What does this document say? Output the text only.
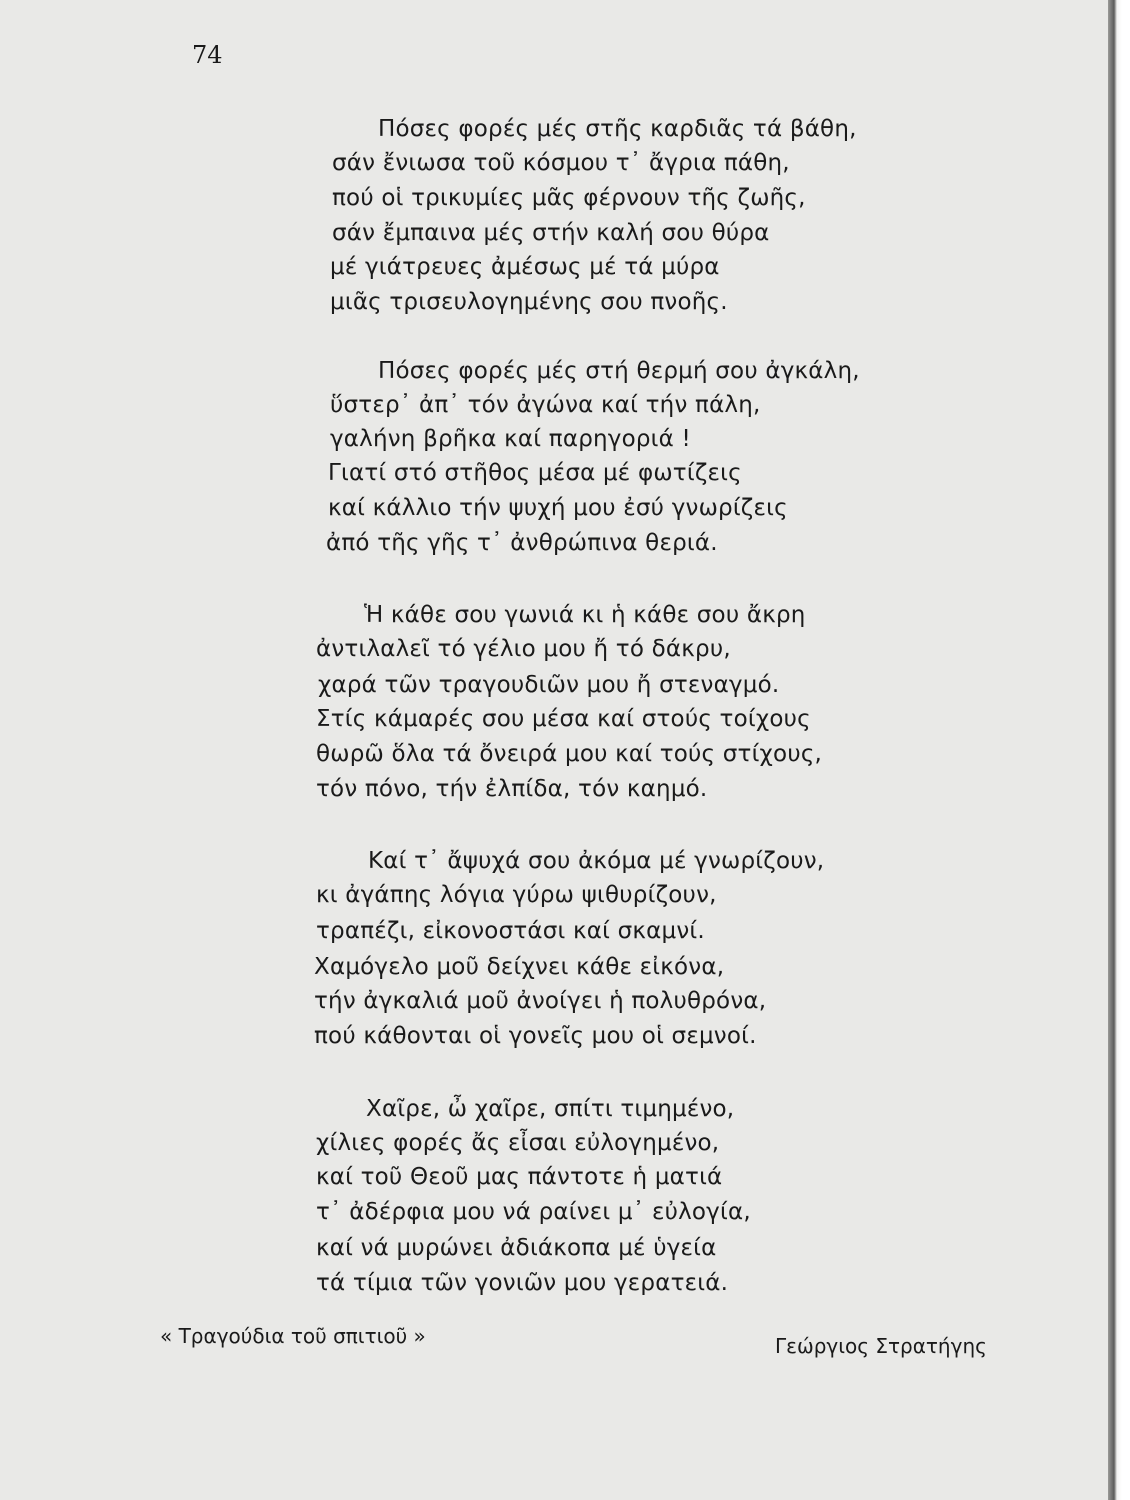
74

Πόσες φορές μές στῆς καρδιᾶς τά βάθη,
σάν ἔνιωσα τοῦ κόσμου τ᾽ ἄγρια πάθη,
πού οἱ τρικυμίες μᾶς φέρνουν τῆς ζωῆς,
σάν ἔμπαινα μές στήν καλή σου θύρα
μέ γιάτρευες ἀμέσως μέ τά μύρα
μιᾶς τρισευλογημένης σου πνοῆς.
Πόσες φορές μές στή θερμή σου ἀγκάλη,
ὕστερ᾽ ἀπ᾽ τόν ἀγώνα καί τήν πάλη,
γαλήνη βρῆκα καί παρηγοριά !
Γιατί στό στῆθος μέσα μέ φωτίζεις
καί κάλλιο τήν ψυχή μου ἐσύ γνωρίζεις
ἀπό τῆς γῆς τ᾽ ἀνθρώπινα θεριά.
Ἡ κάθε σου γωνιά κι ἡ κάθε σου ἄκρη
ἀντιλαλεῖ τό γέλιο μου ἤ τό δάκρυ,
χαρά τῶν τραγουδιῶν μου ἤ στεναγμό.
Στίς κάμαρές σου μέσα καί στούς τοίχους
θωρῶ ὅλα τά ὄνειρά μου καί τούς στίχους,
τόν πόνο, τήν ἐλπίδα, τόν καημό.
Καί τ᾽ ἄψυχά σου ἀκόμα μέ γνωρίζουν,
κι ἀγάπης λόγια γύρω ψιθυρίζουν,
τραπέζι, εἰκονοστάσι καί σκαμνί.
Χαμόγελο μοῦ δείχνει κάθε εἰκόνα,
τήν ἀγκαλιά μοῦ ἀνοίγει ἡ πολυθρόνα,
πού κάθονται οἱ γονεῖς μου οἱ σεμνοί.
Χαῖρε, ὦ χαῖρε, σπίτι τιμημένο,
χίλιες φορές ἄς εἶσαι εὐλογημένο,
καί τοῦ Θεοῦ μας πάντοτε ἡ ματιά
τ᾽ ἀδέρφια μου νά ραίνει μ᾽ εὐλογία,
καί νά μυρώνει ἀδιάκοπα μέ ὑγεία
τά τίμια τῶν γονιῶν μου γερατειά.

« Τραγούδια τοῦ σπιτιοῦ »	Γεώργιος Στρατήγης
